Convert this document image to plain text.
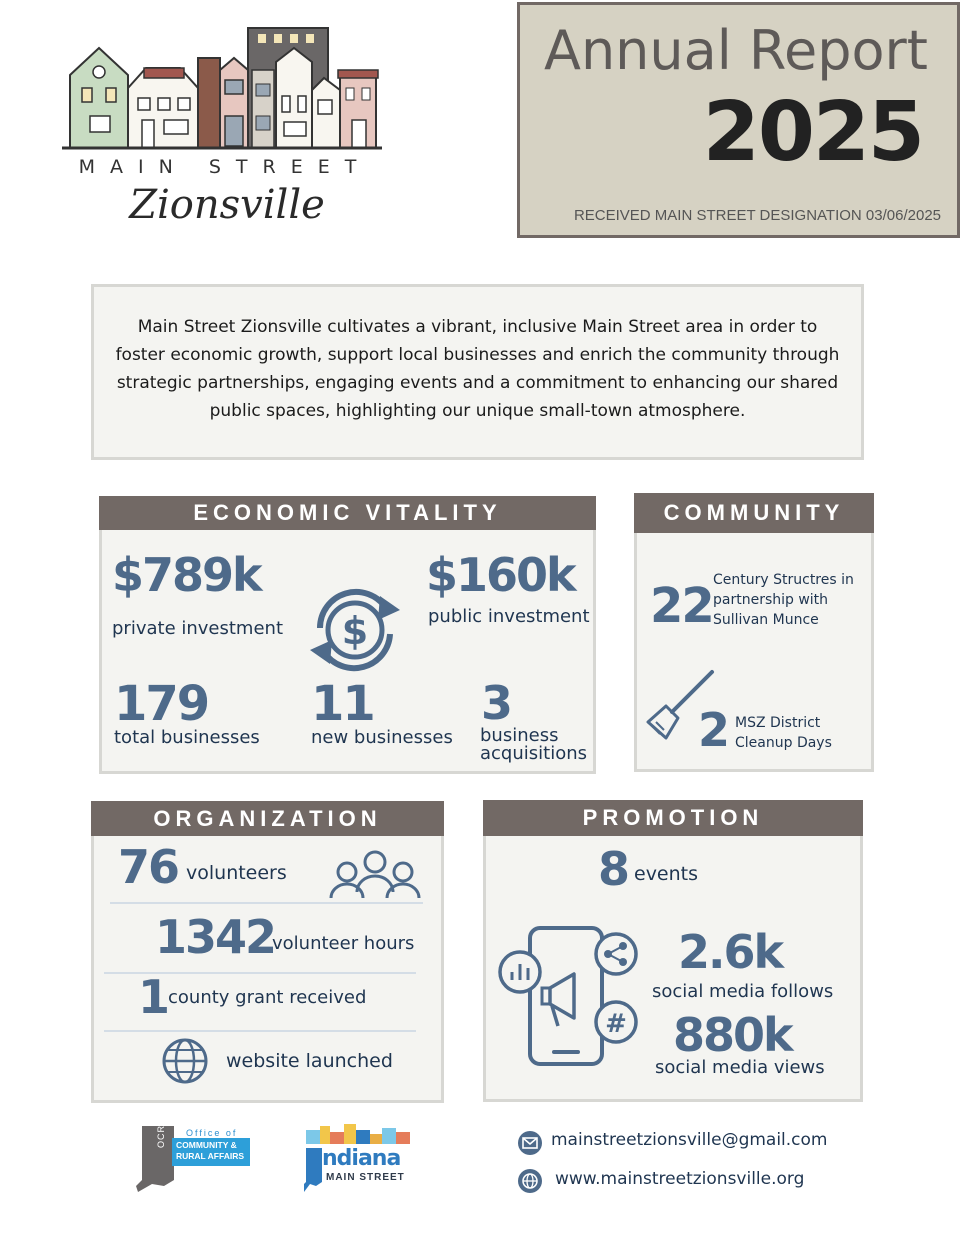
MAIN STREET
Zionsville
Annual Report
2025
RECEIVED MAIN STREET DESIGNATION 03/06/2025
Main Street Zionsville cultivates a vibrant, inclusive Main Street area in order to foster economic growth, support local businesses and enrich the community through strategic partnerships, engaging events and a commitment to enhancing our shared public spaces, highlighting our unique small-town atmosphere.
ECONOMIC VITALITY
$789k
private investment $
$160k
public investment
179
total businesses
11
new businesses
3
business
acquisitions
COMMUNITY
22 Century Structres in
partnership with
Sullivan Munce
2 MSZ District
Cleanup Days
ORGANIZATION
76 volunteers
1342
volunteer hours
1 county grant received
website launched
PROMOTION
8 events
#
2.6k
social media follows
880k
social media views
OCRA Office of
COMMUNITY &
RURAL AFFAIRS	ndiana
MAIN STREET
mainstreetzionsville@gmail.com
www.mainstreetzionsville.org
